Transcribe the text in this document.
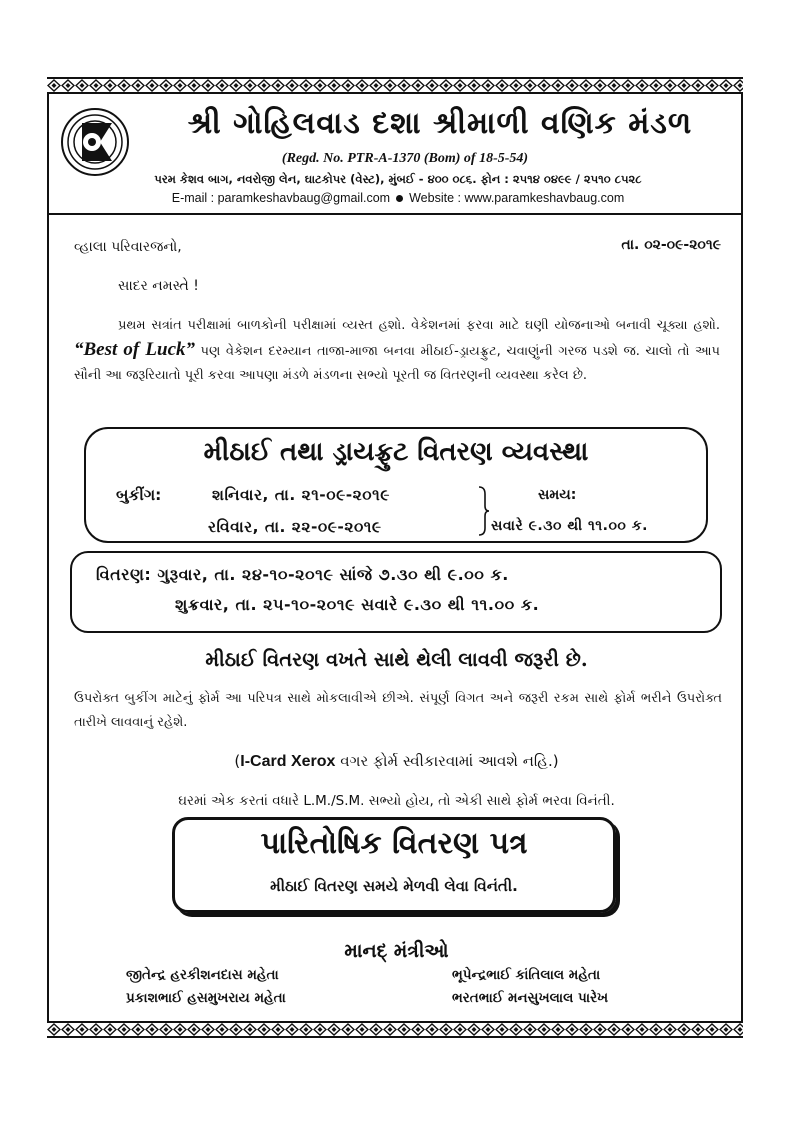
શ્રી ગોહિલવાડ દશા શ્રીમાળી વણિક મંડળ
(Regd. No. PTR-A-1370 (Bom) of 18-5-54)
પરમ કેશવ બાગ, નવરોજી લેન, ઘાટકોપર (વેસ્ટ), મુંબઈ - ૪૦૦ ૦૮૬. ફોન : ૨૫૧૪ ૦૪૯૯ / ૨૫૧૦ ૮૫૨૮
E-mail : paramkeshavbaug@gmail.com Website : www.paramkeshavbaug.com
વ્હાલા પરિવારજનો,	તા. ૦૨-૦૯-૨૦૧૯
સાદર નમસ્તે !
પ્રથમ સત્રાંત પરીક્ષામાં બાળકોની પરીક્ષામાં વ્યસ્ત હશો. વેકેશનમાં ફરવા માટે ઘણી યોજનાઓ બનાવી ચૂક્યા હશો. “Best of Luck” પણ વેકેશન દરમ્યાન તાજા-માજા બનવા મીઠાઈ-ડ્રાયફ્રુટ, ચવાણુંની ગરજ પડશે જ. ચાલો તો આપ સૌની આ જરૂરિયાતો પૂરી કરવા આપણા મંડળે મંડળના સભ્યો પૂરતી જ વિતરણની વ્યવસ્થા કરેલ છે.
મીઠાઈ તથા ડ્રાયફ્રુટ વિતરણ વ્યવસ્થા
બુકીંગ:	શનિવાર, તા. ૨૧-૦૯-૨૦૧૯
રવિવાર, તા. ૨૨-૦૯-૨૦૧૯
સમય:
સવારે ૯.૩૦ થી ૧૧.૦૦ ક.
વિતરણ: ગુરૂવાર, તા. ૨૪-૧૦-૨૦૧૯ સાંજે ૭.૩૦ થી ૯.૦૦ ક.
શુક્રવાર, તા. ૨૫-૧૦-૨૦૧૯ સવારે ૯.૩૦ થી ૧૧.૦૦ ક.
મીઠાઈ વિતરણ વખતે સાથે થેલી લાવવી જરૂરી છે.
ઉપરોક્ત બુકીંગ માટેનું ફોર્મ આ પરિપત્ર સાથે મોકલાવીએ છીએ. સંપૂર્ણ વિગત અને જરૂરી રકમ સાથે ફોર્મ ભરીને ઉપરોક્ત તારીખે લાવવાનું રહેશે.
(I-Card Xerox વગર ફોર્મ સ્વીકારવામાં આવશે નહિ.)
ઘરમાં એક કરતાં વધારે L.M./S.M. સભ્યો હોય, તો એકી સાથે ફોર્મ ભરવા વિનંતી.
પારિતોષિક વિતરણ પત્ર
મીઠાઈ વિતરણ સમયે મેળવી લેવા વિનંતી.
માનદ્ મંત્રીઓ
જીતેન્દ્ર હરકીશનદાસ મહેતા	ભૂપેન્દ્રભાઈ કાંતિલાલ મહેતા
પ્રકાશભાઈ હસમુખરાય મહેતા	ભરતભાઈ મનસુખલાલ પારેખ
